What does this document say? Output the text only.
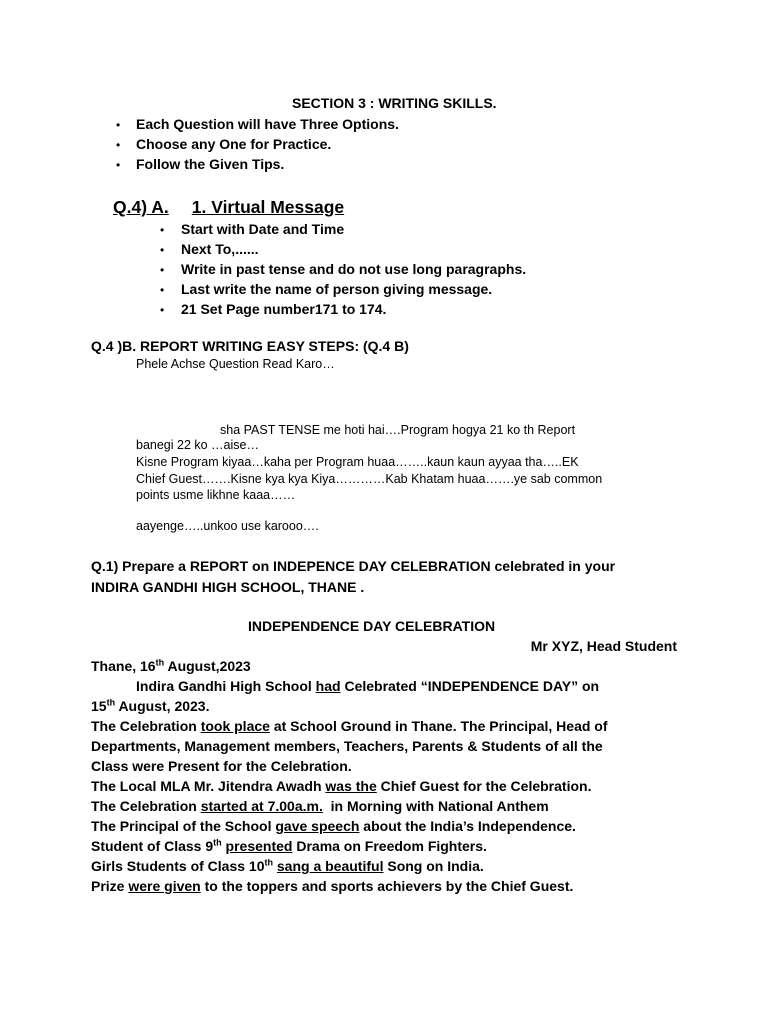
SECTION 3 : WRITING SKILLS.
• Each Question will have Three Options.
• Choose any One for Practice.
• Follow the Given Tips.
Q.4) A. 1. Virtual Message
• Start with Date and Time
• Next To,......
• Write in past tense and do not use long paragraphs.
• Last write the name of person giving message.
• 21 Set Page number171 to 174.
Q.4 )B. REPORT WRITING EASY STEPS: (Q.4 B)
Phele Achse Question Read Karo…
sha PAST TENSE me hoti hai….Program hogya 21 ko th Report
banegi 22 ko …aise…
Kisne Program kiyaa…kaha per Program huaa……..kaun kaun ayyaa tha…..EK
Chief Guest…….Kisne kya kya Kiya…………Kab Khatam huaa…….ye sab common
points usme likhne kaaa……
aayenge…..unkoo use karooo….
Q.1) Prepare a REPORT on INDEPENCE DAY CELEBRATION celebrated in your
INDIRA GANDHI HIGH SCHOOL, THANE .
INDEPENDENCE DAY CELEBRATION
Mr XYZ, Head Student
Thane, 16th August,2023
Indira Gandhi High School had Celebrated “INDEPENDENCE DAY” on
15th August, 2023.
The Celebration took place at School Ground in Thane. The Principal, Head of
Departments, Management members, Teachers, Parents & Students of all the
Class were Present for the Celebration.
The Local MLA Mr. Jitendra Awadh was the Chief Guest for the Celebration.
The Celebration started at 7.00a.m.  in Morning with National Anthem
The Principal of the School gave speech about the India’s Independence.
Student of Class 9th presented Drama on Freedom Fighters.
Girls Students of Class 10th sang a beautiful Song on India.
Prize were given to the toppers and sports achievers by the Chief Guest.
